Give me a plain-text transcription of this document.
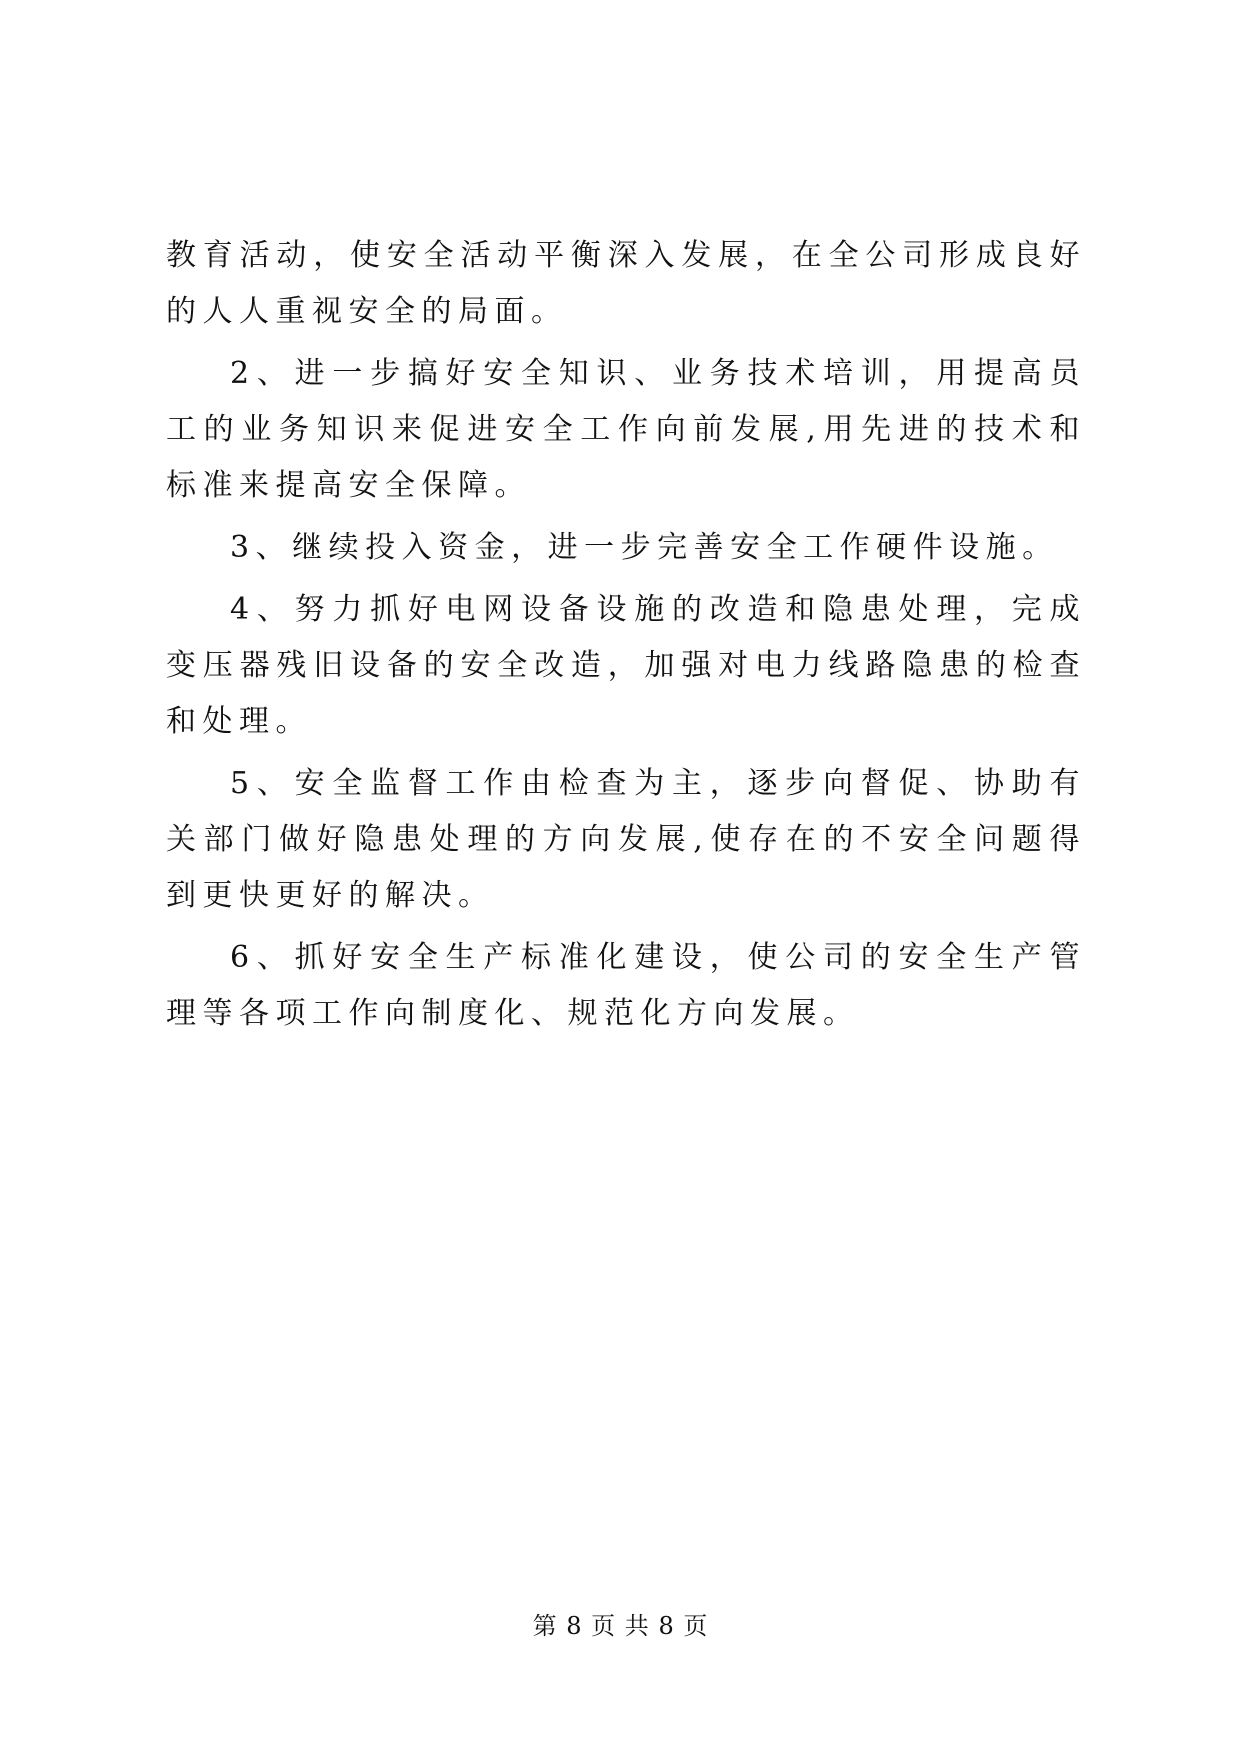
教育活动，使安全活动平衡深入发展，在全公司形成良好的人人重视安全的局面。

2、进一步搞好安全知识、业务技术培训，用提高员工的业务知识来促进安全工作向前发展,用先进的技术和标准来提高安全保障。

3、继续投入资金，进一步完善安全工作硬件设施。

4、努力抓好电网设备设施的改造和隐患处理，完成变压器残旧设备的安全改造，加强对电力线路隐患的检查和处理。

5、安全监督工作由检查为主，逐步向督促、协助有关部门做好隐患处理的方向发展,使存在的不安全问题得到更快更好的解决。

6、抓好安全生产标准化建设，使公司的安全生产管理等各项工作向制度化、规范化方向发展。

第 8 页 共 8 页
